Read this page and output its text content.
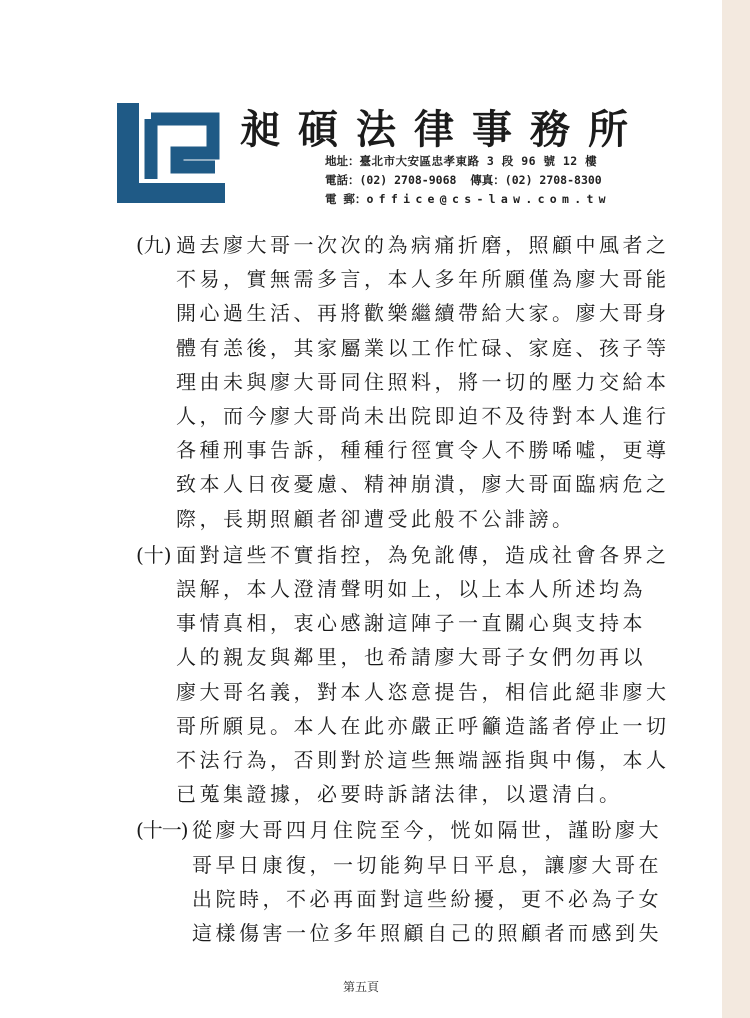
昶碩法律事務所
地址：臺北市大安區忠孝東路 3 段 96 號 12 樓
電話：(02) 2708-9068 傳真：(02) 2708-8300
電 郵：office@cs-law.com.tw
(九) 過去廖大哥一次次的為病痛折磨，照顧中風者之
不易，實無需多言，本人多年所願僅為廖大哥能
開心過生活、再將歡樂繼續帶給大家。廖大哥身
體有恙後，其家屬業以工作忙碌、家庭、孩子等
理由未與廖大哥同住照料，將一切的壓力交給本
人，而今廖大哥尚未出院即迫不及待對本人進行
各種刑事告訴，種種行徑實令人不勝唏噓，更導
致本人日夜憂慮、精神崩潰，廖大哥面臨病危之
際，長期照顧者卻遭受此般不公誹謗。
(十) 面對這些不實指控，為免訛傳，造成社會各界之
誤解，本人澄清聲明如上，以上本人所述均為
事情真相，衷心感謝這陣子一直關心與支持本
人的親友與鄰里，也希請廖大哥子女們勿再以
廖大哥名義，對本人恣意提告，相信此絕非廖大
哥所願見。本人在此亦嚴正呼籲造謠者停止一切
不法行為，否則對於這些無端誣指與中傷，本人
已蒐集證據，必要時訴諸法律，以還清白。
(十一) 從廖大哥四月住院至今，恍如隔世，謹盼廖大
哥早日康復，一切能夠早日平息，讓廖大哥在
出院時，不必再面對這些紛擾，更不必為子女
這樣傷害一位多年照顧自己的照顧者而感到失
第五頁
